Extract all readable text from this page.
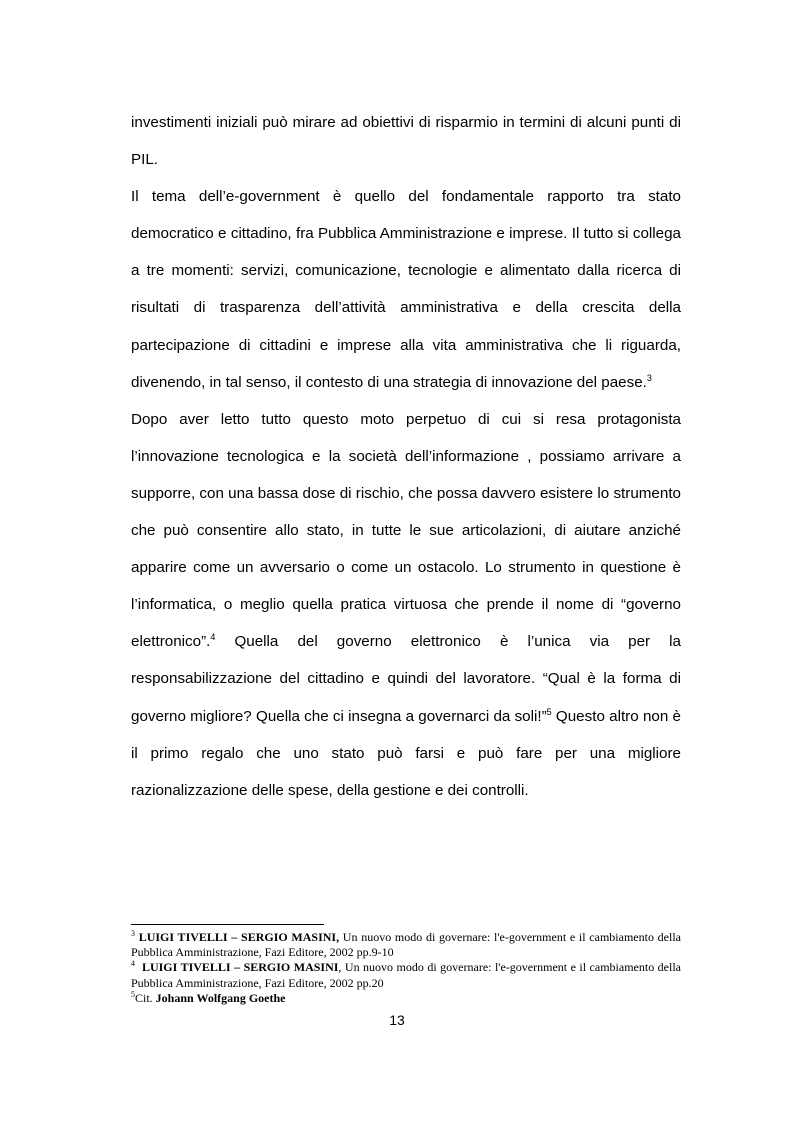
investimenti iniziali può mirare ad obiettivi di risparmio in termini di alcuni punti di PIL.

Il tema dell’e-government è quello del fondamentale rapporto tra stato democratico e cittadino, fra Pubblica Amministrazione e imprese. Il tutto si collega a tre momenti: servizi, comunicazione, tecnologie e alimentato dalla ricerca di risultati di trasparenza dell’attività amministrativa e della crescita della partecipazione di cittadini e imprese alla vita amministrativa che li riguarda, divenendo, in tal senso, il contesto di una strategia di innovazione del paese.$^3$

Dopo aver letto tutto questo moto perpetuo di cui si resa protagonista l’innovazione tecnologica e la società dell’informazione , possiamo arrivare a supporre, con una bassa dose di rischio, che possa davvero esistere lo strumento che può consentire allo stato, in tutte le sue articolazioni, di aiutare anziché apparire come un avversario o come un ostacolo. Lo strumento in questione è l’informatica, o meglio quella pratica virtuosa che prende il nome di “governo elettronico”.$^4$ Quella del governo elettronico è l’unica via per la responsabilizzazione del cittadino e quindi del lavoratore. “Qual è la forma di governo migliore? Quella che ci insegna a governarci da soli!”$^5$ Questo altro non è il primo regalo che uno stato può farsi e può fare per una migliore razionalizzazione delle spese, della gestione e dei controlli.

$^3$ LUIGI TIVELLI – SERGIO MASINI, Un nuovo modo di governare: l'e-government e il cambiamento della Pubblica Amministrazione, Fazi Editore, 2002 pp.9-10

$^4$ LUIGI TIVELLI – SERGIO MASINI, Un nuovo modo di governare: l'e-government e il cambiamento della Pubblica Amministrazione, Fazi Editore, 2002 pp.20

$^5$Cit. Johann Wolfgang Goethe

13
